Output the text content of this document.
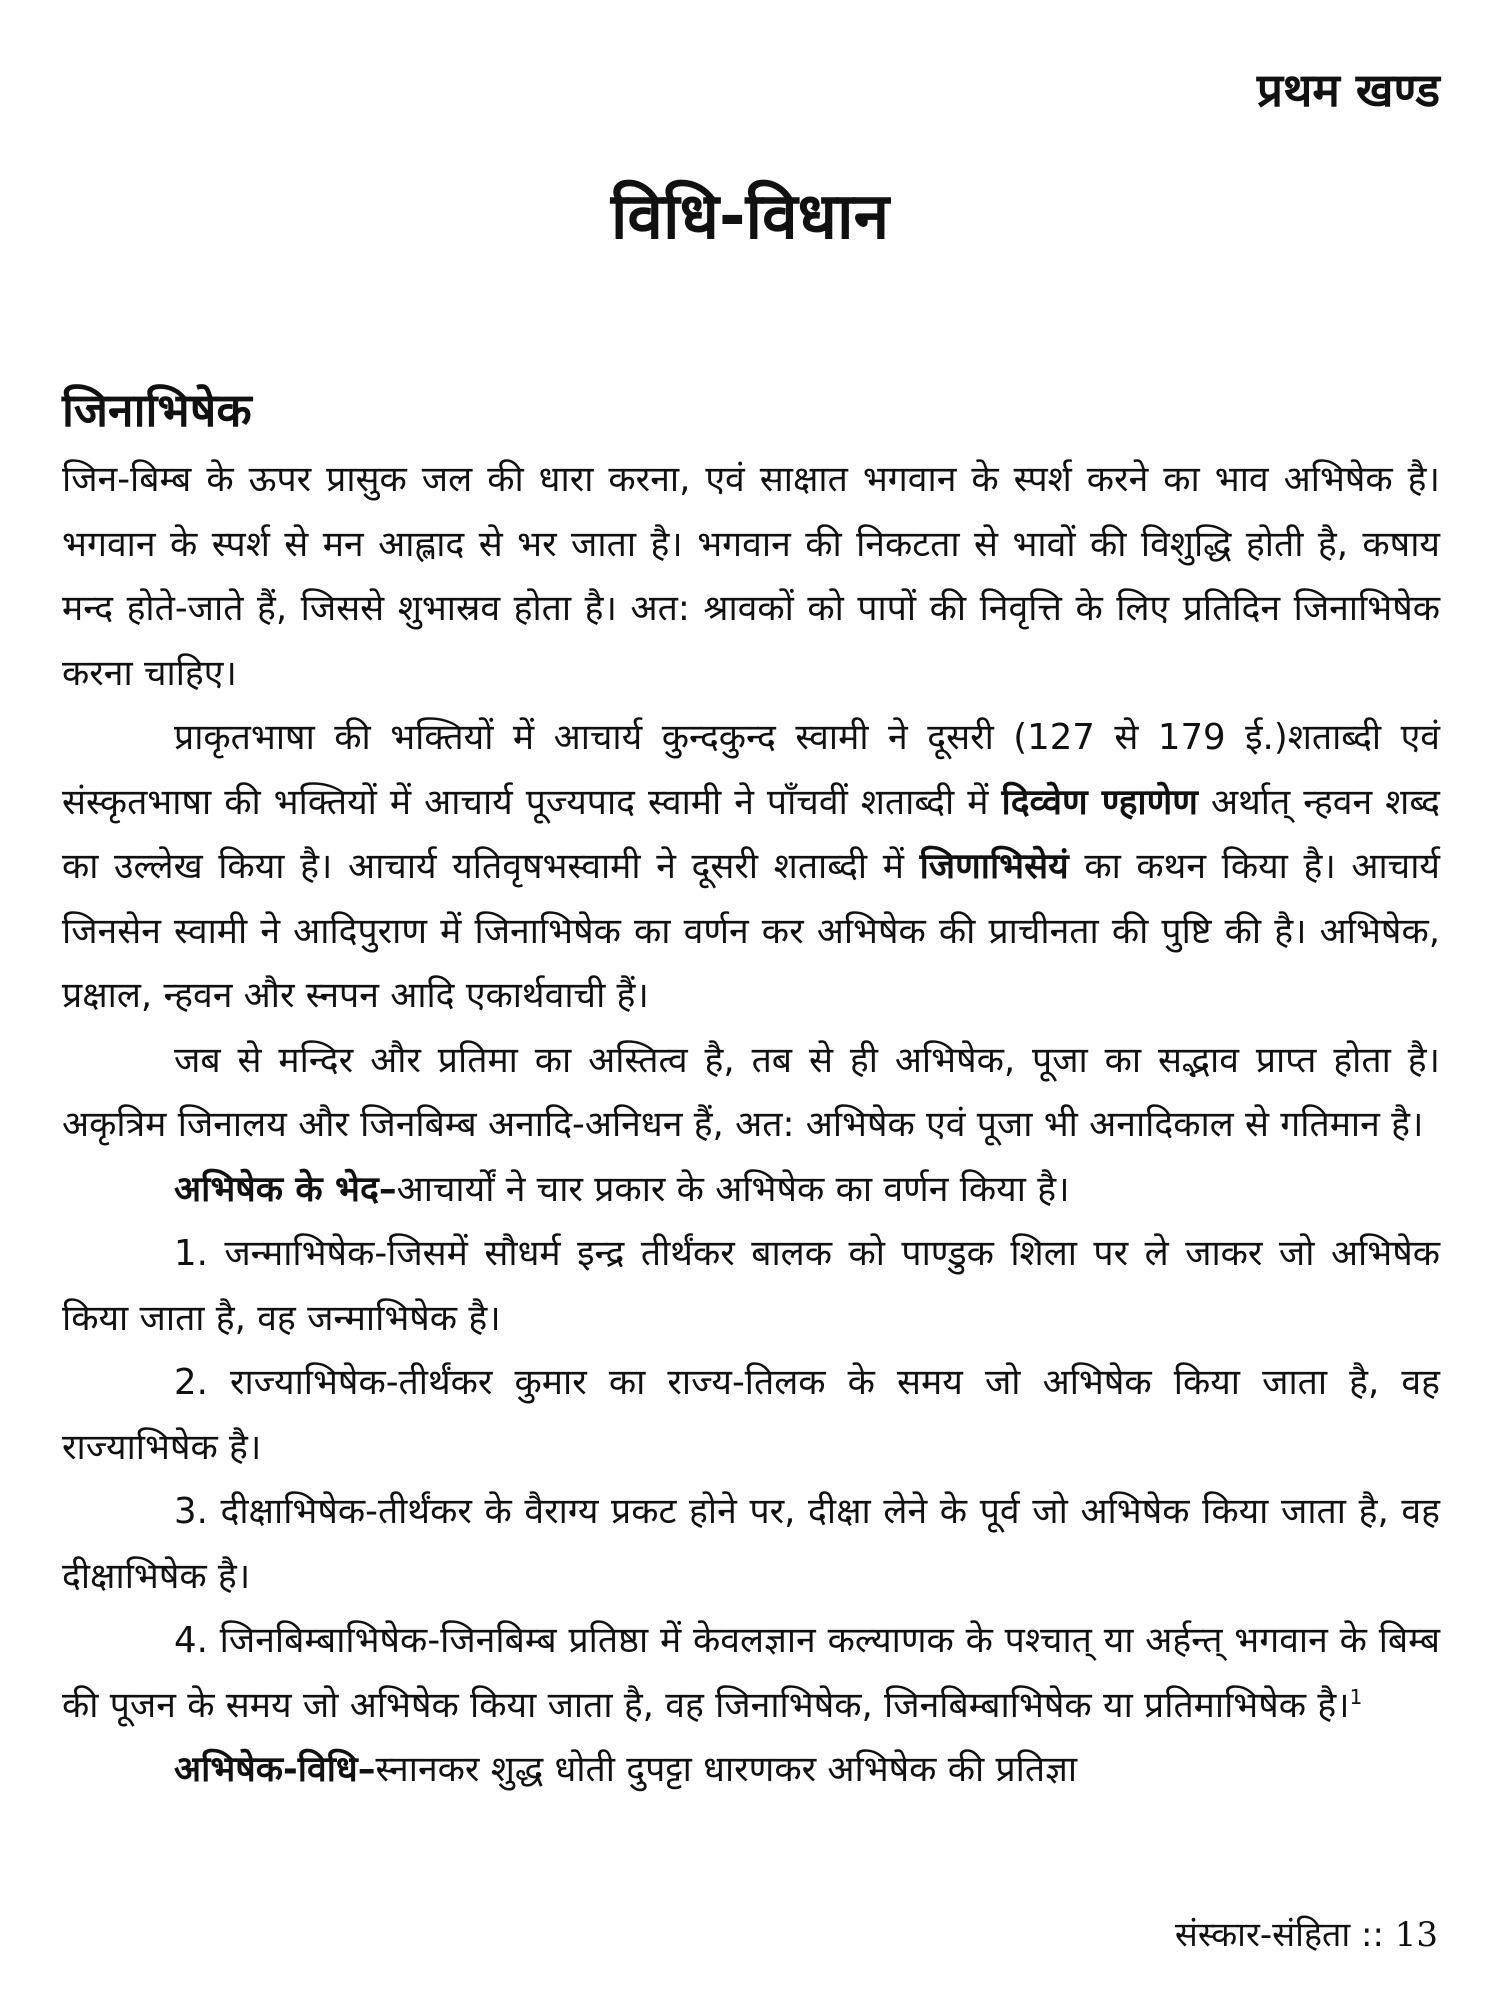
प्रथम खण्ड
विधि-विधान
जिनाभिषेक

जिन-बिम्ब के ऊपर प्रासुक जल की धारा करना, एवं साक्षात भगवान के स्पर्श करने का भाव अभिषेक है। भगवान के स्पर्श से मन आह्लाद से भर जाता है। भगवान की निकटता से भावों की विशुद्धि होती है, कषाय मन्द होते-जाते हैं, जिससे शुभास्रव होता है। अत: श्रावकों को पापों की निवृत्ति के लिए प्रतिदिन जिनाभिषेक करना चाहिए।

प्राकृतभाषा की भक्तियों में आचार्य कुन्दकुन्द स्वामी ने दूसरी (127 से 179 ई.)शताब्दी एवं संस्कृतभाषा की भक्तियों में आचार्य पूज्यपाद स्वामी ने पाँचवीं शताब्दी में दिव्वेण ण्हाणेण अर्थात् न्हवन शब्द का उल्लेख किया है। आचार्य यतिवृषभस्वामी ने दूसरी शताब्दी में जिणाभिसेयं का कथन किया है। आचार्य जिनसेन स्वामी ने आदिपुराण में जिनाभिषेक का वर्णन कर अभिषेक की प्राचीनता की पुष्टि की है। अभिषेक, प्रक्षाल, न्हवन और स्नपन आदि एकार्थवाची हैं।

जब से मन्दिर और प्रतिमा का अस्तित्व है, तब से ही अभिषेक, पूजा का सद्भाव प्राप्त होता है। अकृत्रिम जिनालय और जिनबिम्ब अनादि-अनिधन हैं, अत: अभिषेक एवं पूजा भी अनादिकाल से गतिमान है।

अभिषेक के भेद–आचार्यों ने चार प्रकार के अभिषेक का वर्णन किया है।

1. जन्माभिषेक-जिसमें सौधर्म इन्द्र तीर्थंकर बालक को पाण्डुक शिला पर ले जाकर जो अभिषेक किया जाता है, वह जन्माभिषेक है।

2. राज्याभिषेक-तीर्थंकर कुमार का राज्य-तिलक के समय जो अभिषेक किया जाता है, वह राज्याभिषेक है।

3. दीक्षाभिषेक-तीर्थंकर के वैराग्य प्रकट होने पर, दीक्षा लेने के पूर्व जो अभिषेक किया जाता है, वह दीक्षाभिषेक है।

4. जिनबिम्बाभिषेक-जिनबिम्ब प्रतिष्ठा में केवलज्ञान कल्याणक के पश्चात् या अर्हन्त् भगवान के बिम्ब की पूजन के समय जो अभिषेक किया जाता है, वह जिनाभिषेक, जिनबिम्बाभिषेक या प्रतिमाभिषेक है।$^1$

अभिषेक-विधि–स्नानकर शुद्ध धोती दुपट्टा धारणकर अभिषेक की प्रतिज्ञा

संस्कार-संहिता :: 13
